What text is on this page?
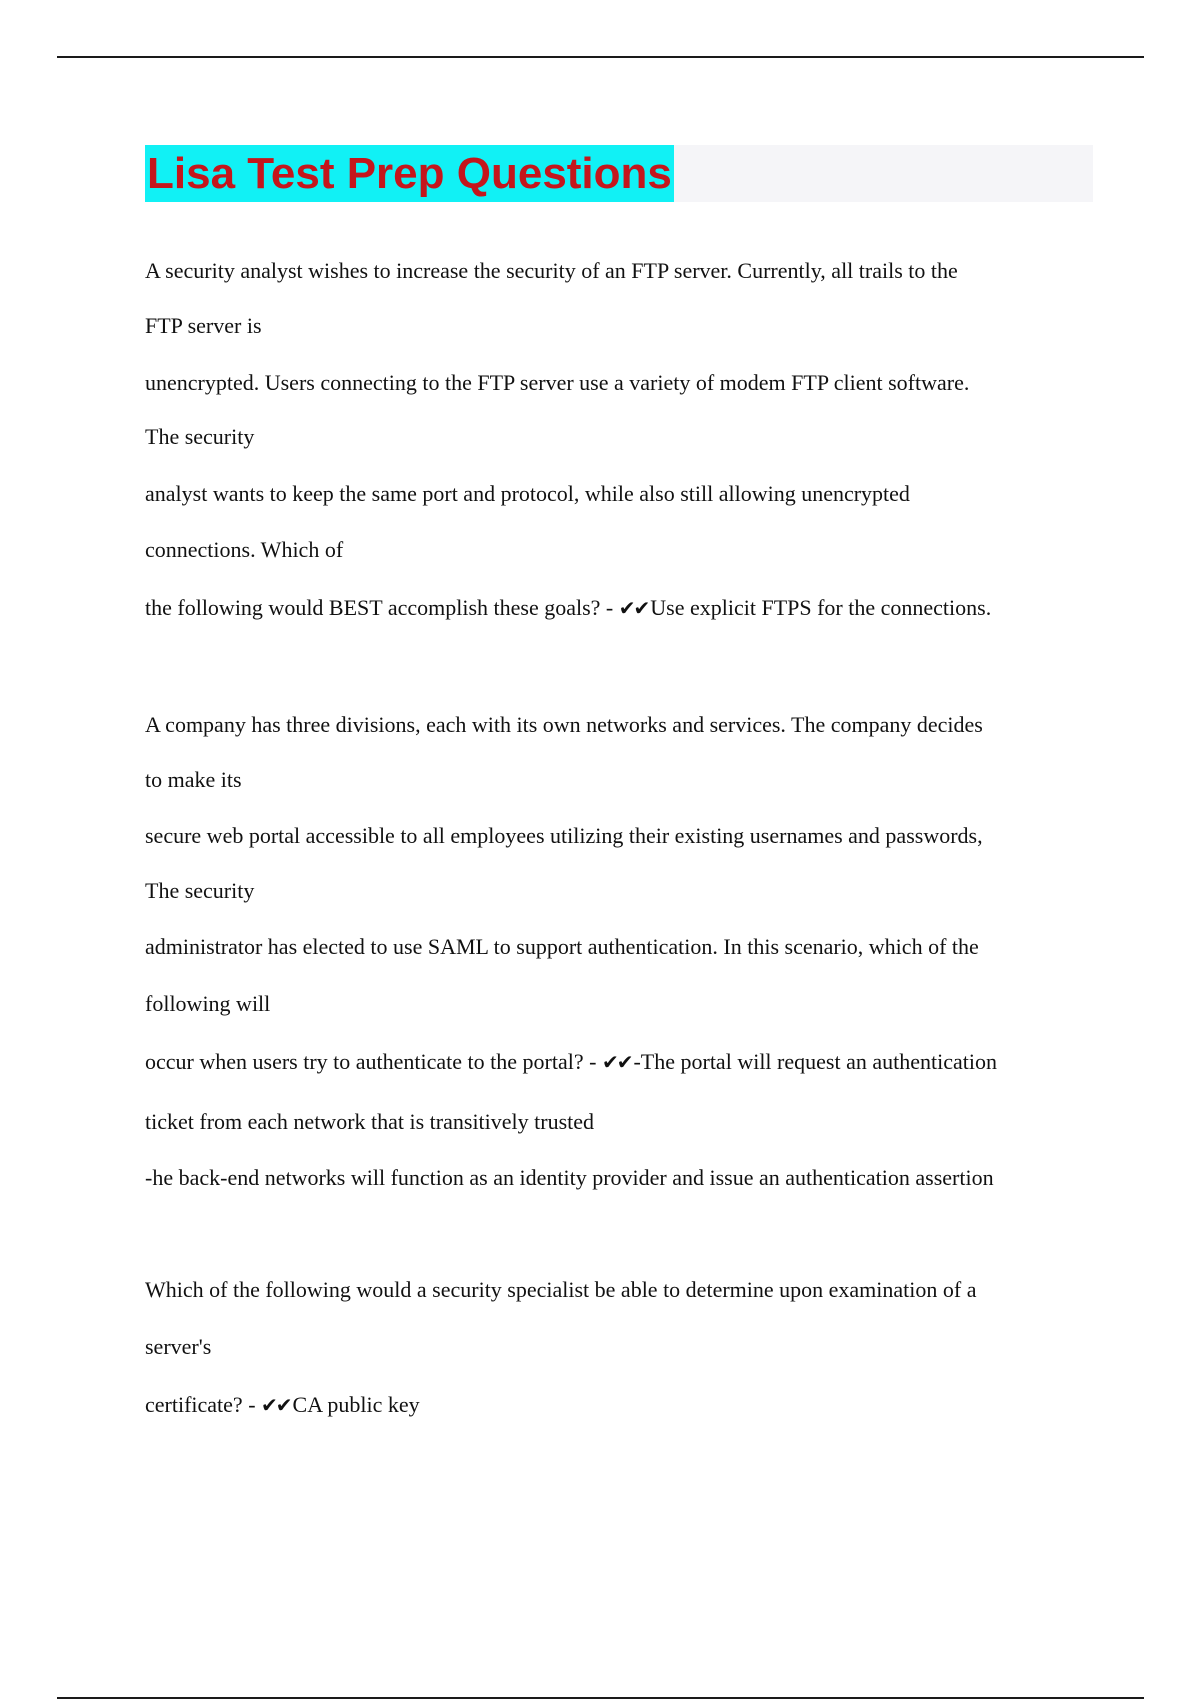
Lisa Test Prep Questions
A security analyst wishes to increase the security of an FTP server. Currently, all trails to the
FTP server is
unencrypted. Users connecting to the FTP server use a variety of modem FTP client software.
The security
analyst wants to keep the same port and protocol, while also still allowing unencrypted
connections. Which of
the following would BEST accomplish these goals? - ✔✔Use explicit FTPS for the connections.
A company has three divisions, each with its own networks and services. The company decides
to make its
secure web portal accessible to all employees utilizing their existing usernames and passwords,
The security
administrator has elected to use SAML to support authentication. In this scenario, which of the
following will
occur when users try to authenticate to the portal? - ✔✔-The portal will request an authentication
ticket from each network that is transitively trusted
-he back-end networks will function as an identity provider and issue an authentication assertion
Which of the following would a security specialist be able to determine upon examination of a
server's
certificate? - ✔✔CA public key
